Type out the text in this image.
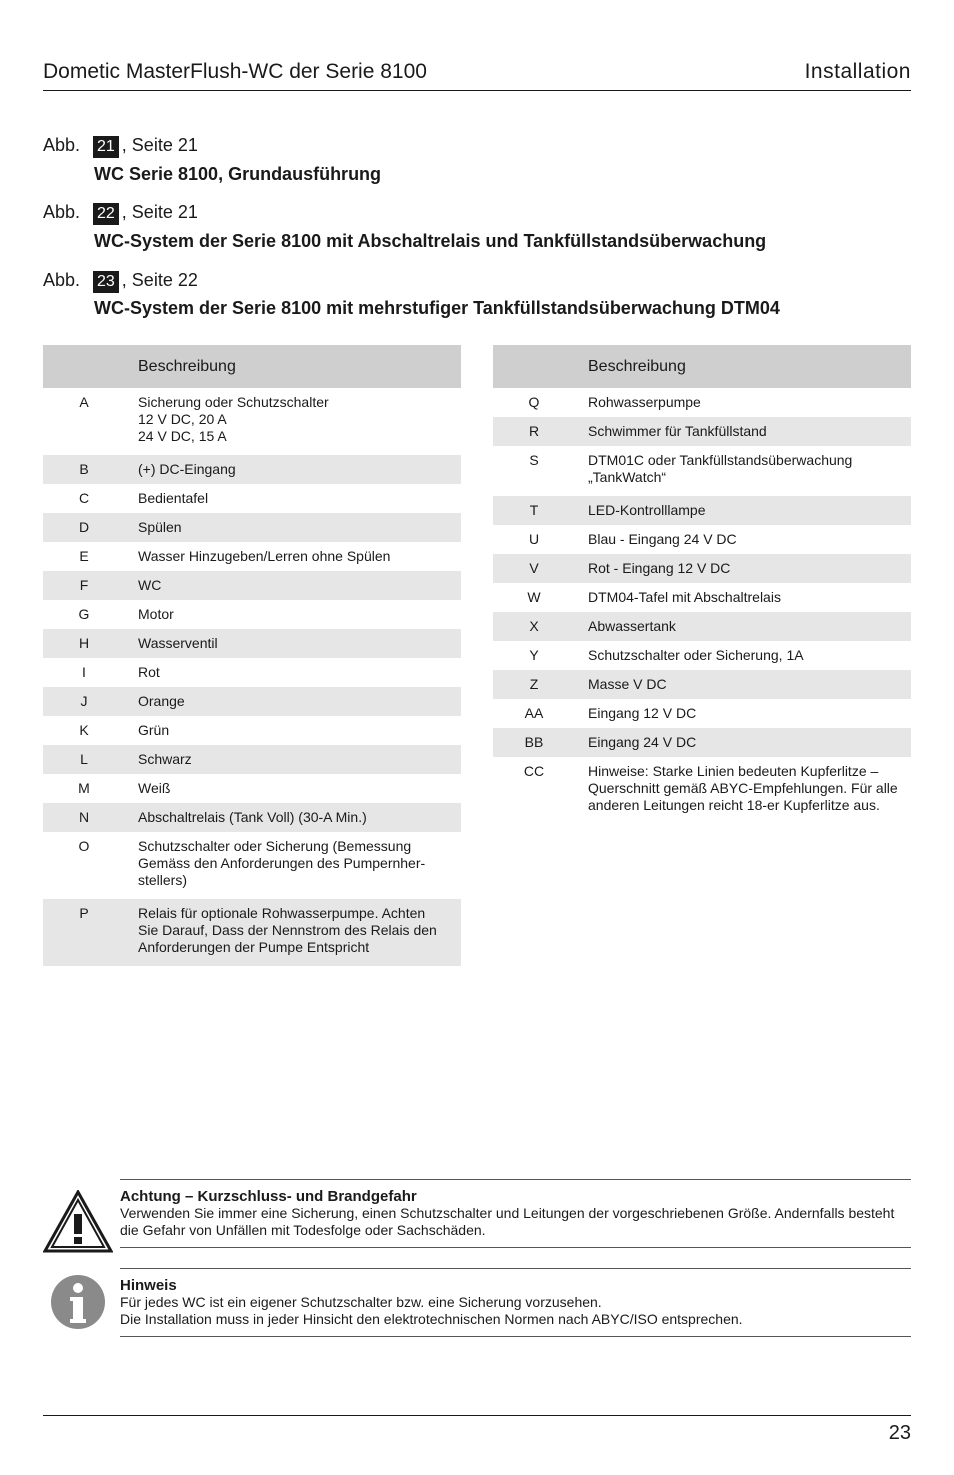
Dometic MasterFlush-WC der Serie 8100	Installation
Abb. 21 , Seite 21
WC Serie 8100, Grundausführung
Abb. 22 , Seite 21
WC-System der Serie 8100 mit Abschaltrelais und Tankfüllstandsüberwachung
Abb. 23 , Seite 22
WC-System der Serie 8100 mit mehrstufiger Tankfüllstandsüberwachung DTM04
Beschreibung
A	Sicherung oder Schutzschalter
12 V DC, 20 A
24 V DC, 15 A
B	(+) DC-Eingang
C	Bedientafel
D	Spülen
E	Wasser Hinzugeben/Lerren ohne Spülen
F	WC
G	Motor
H	Wasserventil
I	Rot
J	Orange
K	Grün
L	Schwarz
M	Weiß
N	Abschaltrelais (Tank Voll) (30-A Min.)
O	Schutzschalter oder Sicherung (Bemessung Gemäss den Anforderungen des Pumpernher-stellers)
P	Relais für optionale Rohwasserpumpe. Achten Sie Darauf, Dass der Nennstrom des Relais den Anforderungen der Pumpe Entspricht
Beschreibung
Q	Rohwasserpumpe
R	Schwimmer für Tankfüllstand
S	DTM01C oder Tankfüllstandsüberwachung „TankWatch“
T	LED-Kontrolllampe
U	Blau - Eingang 24 V DC
V	Rot - Eingang 12 V DC
W	DTM04-Tafel mit Abschaltrelais
X	Abwassertank
Y	Schutzschalter oder Sicherung, 1A
Z	Masse V DC
AA	Eingang 12 V DC
BB	Eingang 24 V DC
CC	Hinweise: Starke Linien bedeuten Kupferlitze – Querschnitt gemäß ABYC-Empfehlungen. Für alle anderen Leitungen reicht 18-er Kupferlitze aus.
Achtung – Kurzschluss- und Brandgefahr
Verwenden Sie immer eine Sicherung, einen Schutzschalter und Leitungen der vorgeschriebenen Größe. Andernfalls besteht die Gefahr von Unfällen mit Todesfolge oder Sachschäden.
Hinweis
Für jedes WC ist ein eigener Schutzschalter bzw. eine Sicherung vorzusehen.
Die Installation muss in jeder Hinsicht den elektrotechnischen Normen nach ABYC/ISO entsprechen.
23
